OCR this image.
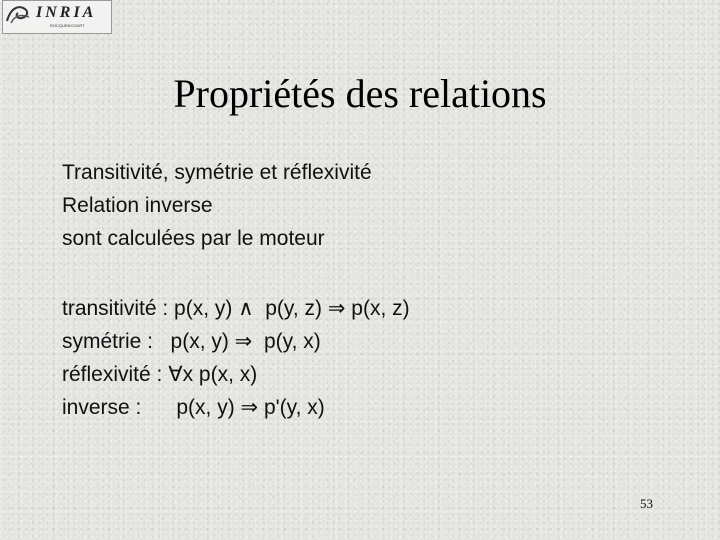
INRIA
ROCQUENCOURT
Propriétés des relations
Transitivité, symétrie et réflexivité
Relation inverse
sont calculées par le moteur
transitivité : p(x, y) ∧  p(y, z) ⇒ p(x, z)
symétrie :   p(x, y) ⇒  p(y, x)
réflexivité : ∀x p(x, x)
inverse :      p(x, y) ⇒ p'(y, x)
53
